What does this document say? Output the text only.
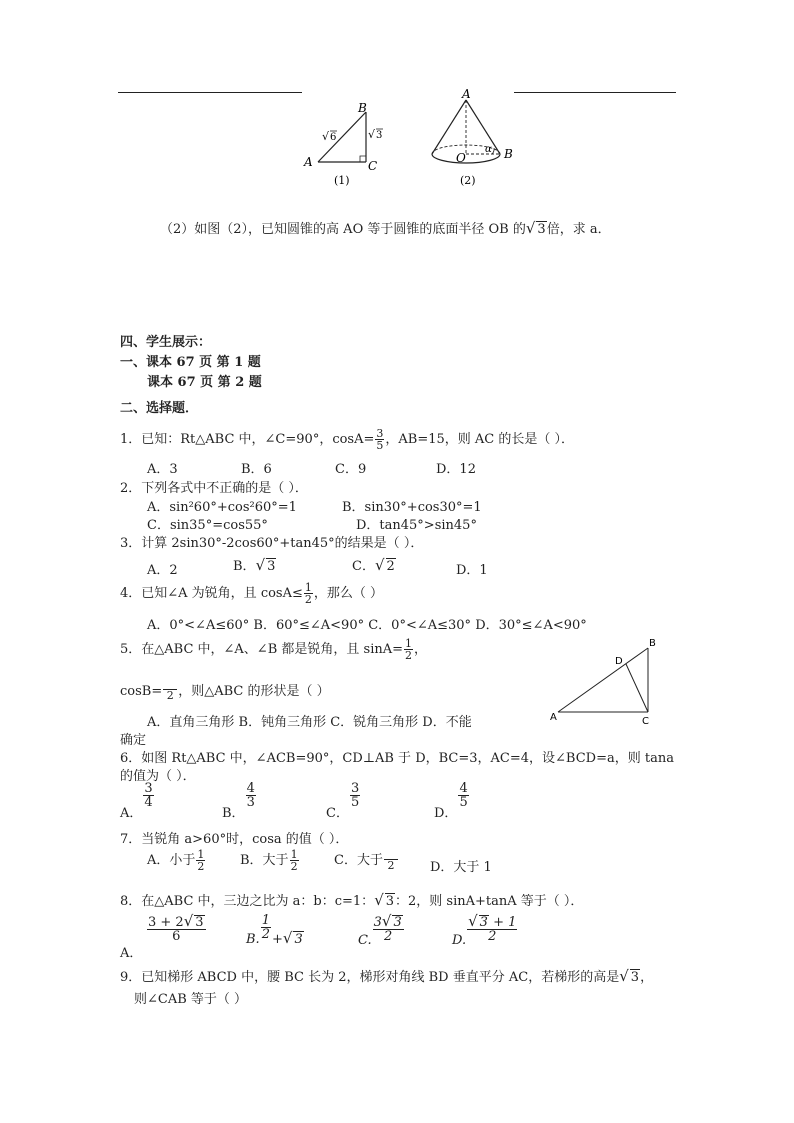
A
B
C
√ 6	√ 3
(1)
A
O	B
α
(2)
（2）如图（2），已知圆锥的高 AO 等于圆锥的底面半径 OB 的√ 3倍，求 a．
四、学生展示：
一、课本 67 页 第 1 题
课本 67 页 第 2 题
二、选择题．
1．已知：Rt△ABC 中，∠C=90°，$\cos A= \frac{3}{5}$ ，AB=15，则 AC 的长是（ ）．
A．3	B．6	C．9	D．12
2．下列各式中不正确的是（ ）．
A．sin²60°+cos²60°=1	B．sin30°+cos30°=1
C．sin35°=cos55°	D．tan45°>sin45°
3．计算 2sin30°-2cos60°+tan45°的结果是（ ）．
A．2	B．√ 3	C．√ 2	D．1
4．已知∠A 为锐角，且 $\cos A\le \frac{1}{2}$ ，那么（ ）
A．0°<∠A≤60° B．60°≤∠A<90° C．0°<∠A≤30° D．30°≤∠A<90°
5．在△ABC 中，∠A、∠B 都是锐角，且 $\sin A= \frac{1}{2}$ ，
cosB= 2 ，则△ABC 的形状是（ ）
A．直角三角形 B．钝角三角形 C．锐角三角形 D．不能
确定
A
B
C
D
6．如图 Rt△ABC 中，∠ACB=90°，CD⊥AB 于 D，BC=3，AC=4，设∠BCD=a，则 tana
的值为（ ）．
A．
$\frac{3}{4}$
B．
$\frac{4}{3}$
C．
$\frac{3}{5}$
D．
$\frac{4}{5}$
7．当锐角 a>60°时，cosa 的值（ ）．
A．小于 $\frac{1}{2}$	B．大于 $\frac{1}{2}$	C．大于 2	D．大于 1
8．在△ABC 中，三边之比为 a：b：c=1：√ 3：2，则 sinA+tanA 等于（ ）．
A．
$\frac{3 + 2√ 3}{6}$	B. $\frac{1}{2}$ +√ 3	C. $\frac{3√ 3}{2}$	D. $\frac{√ 3 + 1}{2}$
9．已知梯形 ABCD 中，腰 BC 长为 2，梯形对角线 BD 垂直平分 AC，若梯形的高是√ 3，
则∠CAB 等于（ ）
